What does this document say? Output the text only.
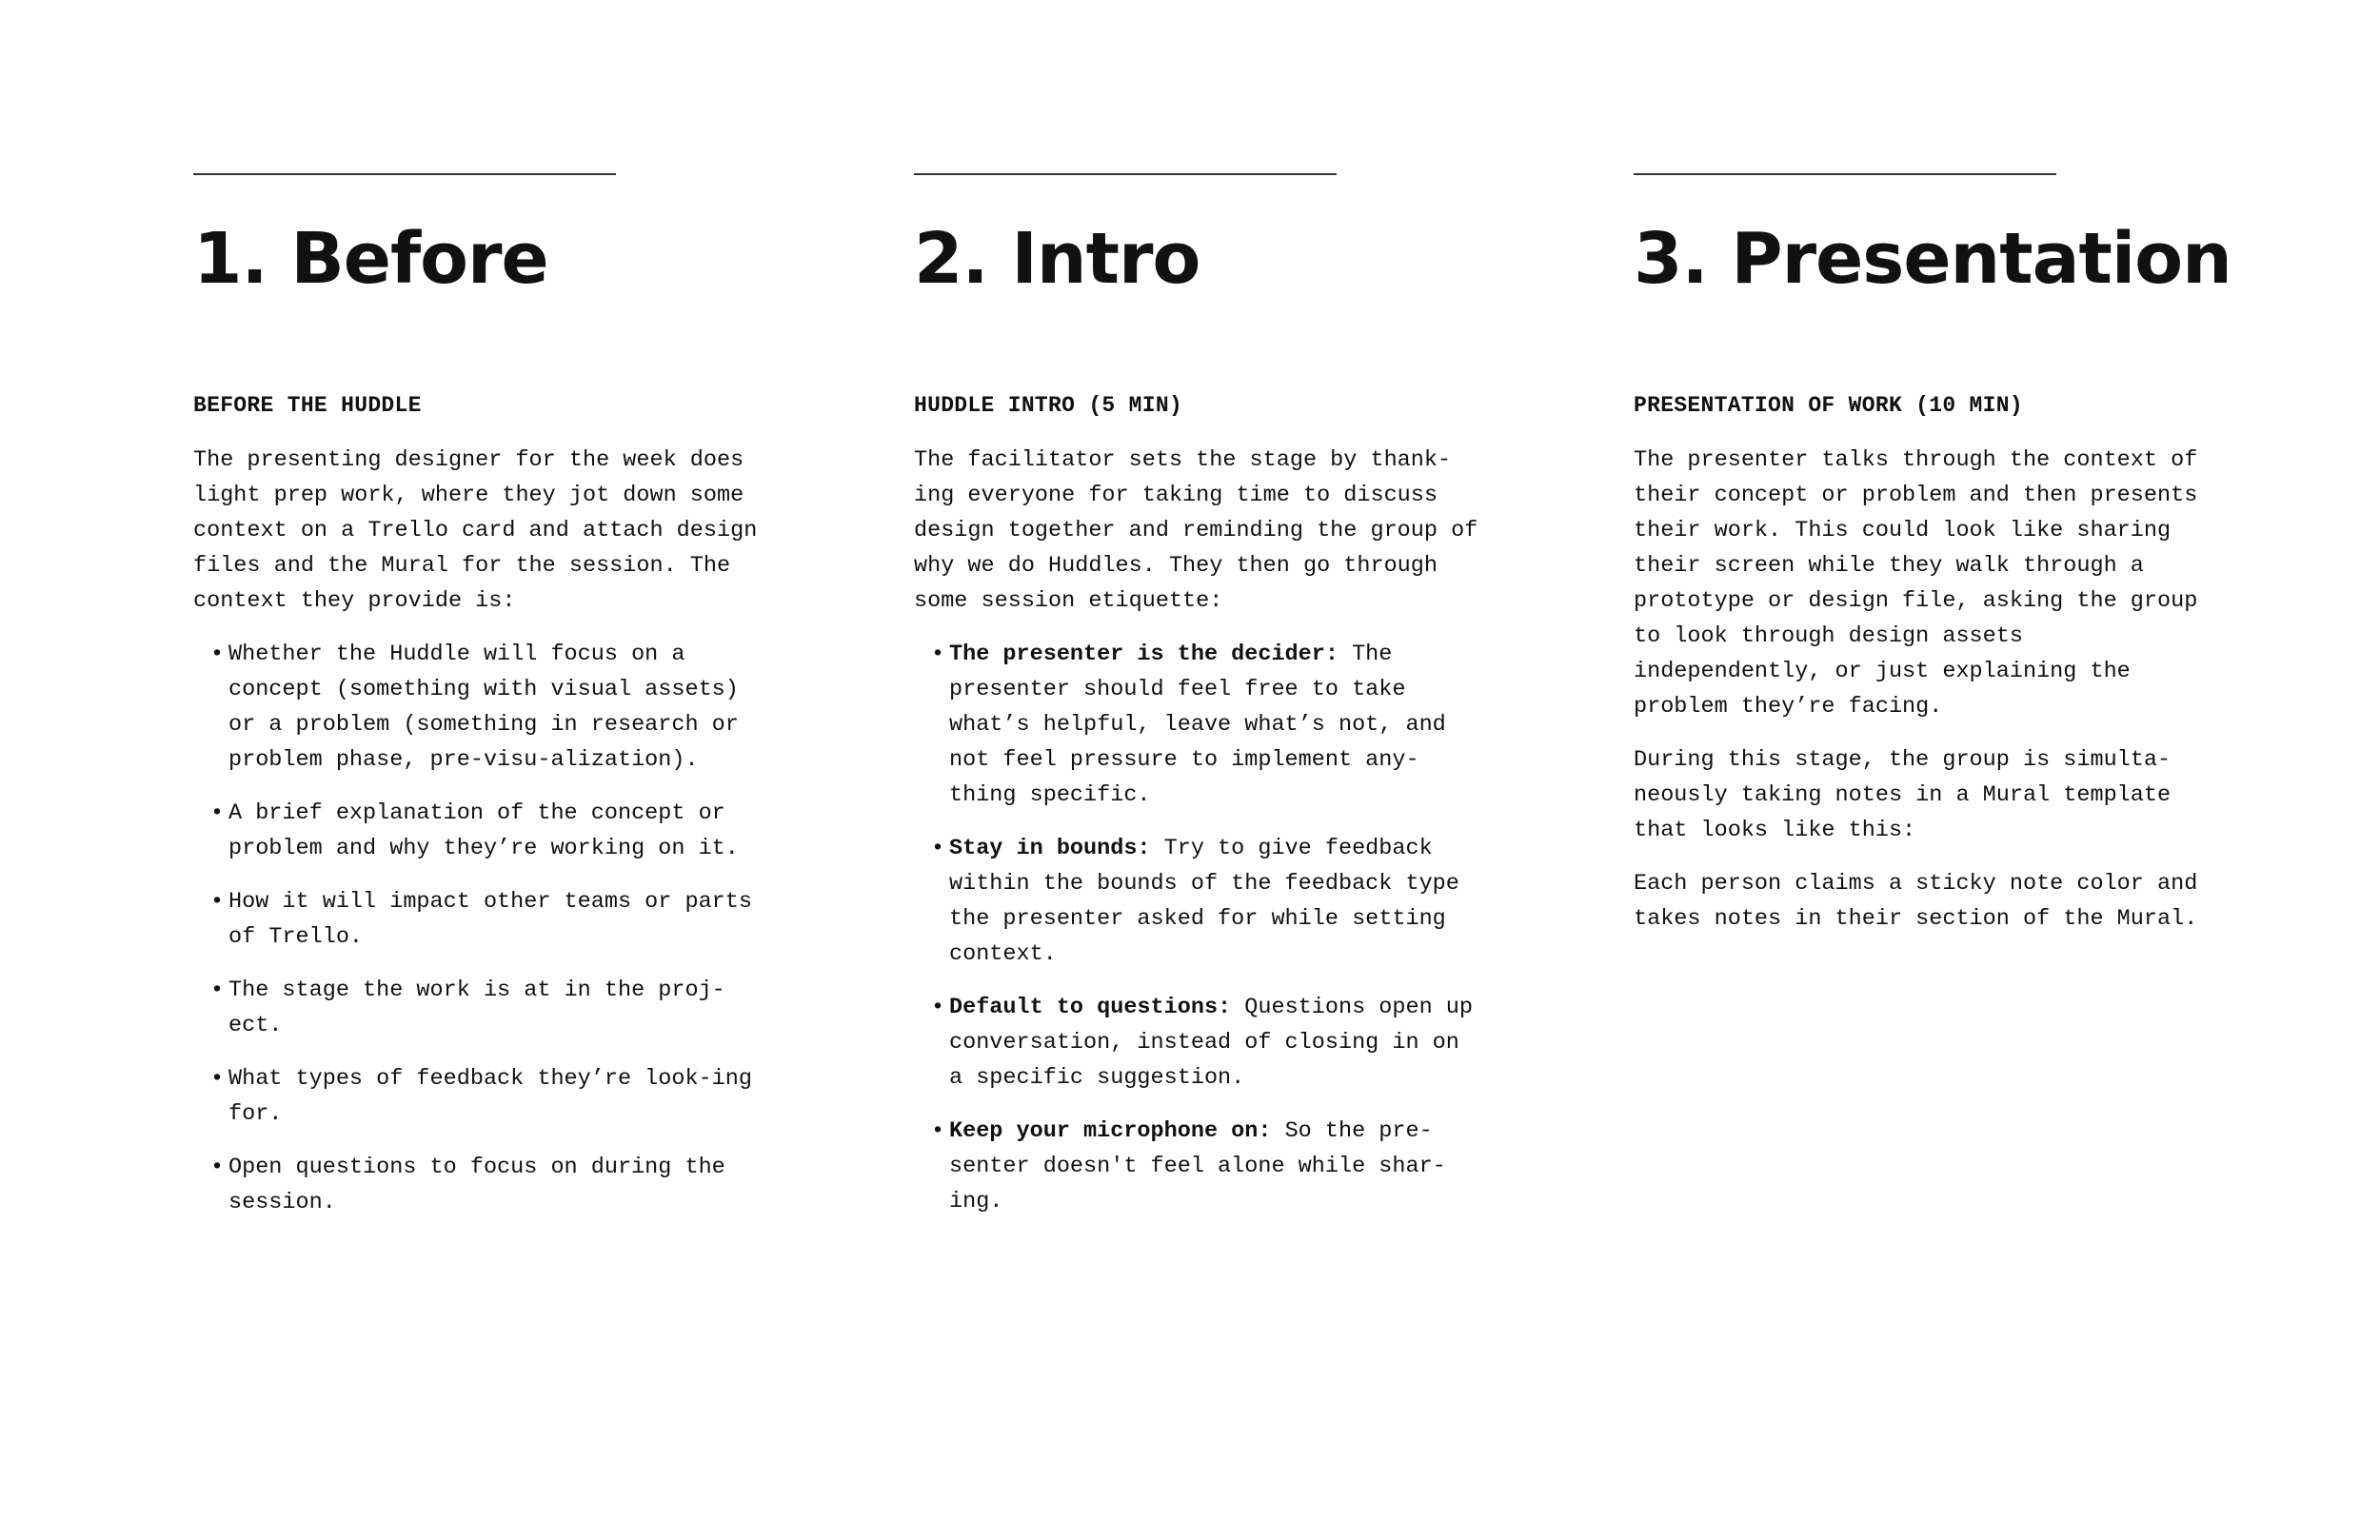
1. Before
BEFORE THE HUDDLE

The presenting designer for the week does light prep work, where they jot down some context on a Trello card and attach design files and the Mural for the session. The context they provide is:

• Whether the Huddle will focus on a concept (something with visual assets) or a problem (something in research or problem phase, pre-visu-alization).
• A brief explanation of the concept or problem and why they’re working on it.
• How it will impact other teams or parts of Trello.
• The stage the work is at in the proj-ect.
• What types of feedback they’re look-ing for.
• Open questions to focus on during the session.
2. Intro
HUDDLE INTRO (5 MIN)

The facilitator sets the stage by thank-ing everyone for taking time to discuss design together and reminding the group of why we do Huddles. They then go through some session etiquette:

• The presenter is the decider: The presenter should feel free to take what’s helpful, leave what’s not, and not feel pressure to implement any-thing specific.
• Stay in bounds: Try to give feedback within the bounds of the feedback type the presenter asked for while setting context.
• Default to questions: Questions open up conversation, instead of closing in on a specific suggestion.
• Keep your microphone on: So the pre-senter doesn't feel alone while shar-ing.
3. Presentation
PRESENTATION OF WORK (10 MIN)

The presenter talks through the context of their concept or problem and then presents their work. This could look like sharing their screen while they walk through a prototype or design file, asking the group to look through design assets independently, or just explaining the problem they’re facing.

During this stage, the group is simulta-neously taking notes in a Mural template that looks like this:

Each person claims a sticky note color and takes notes in their section of the Mural.
